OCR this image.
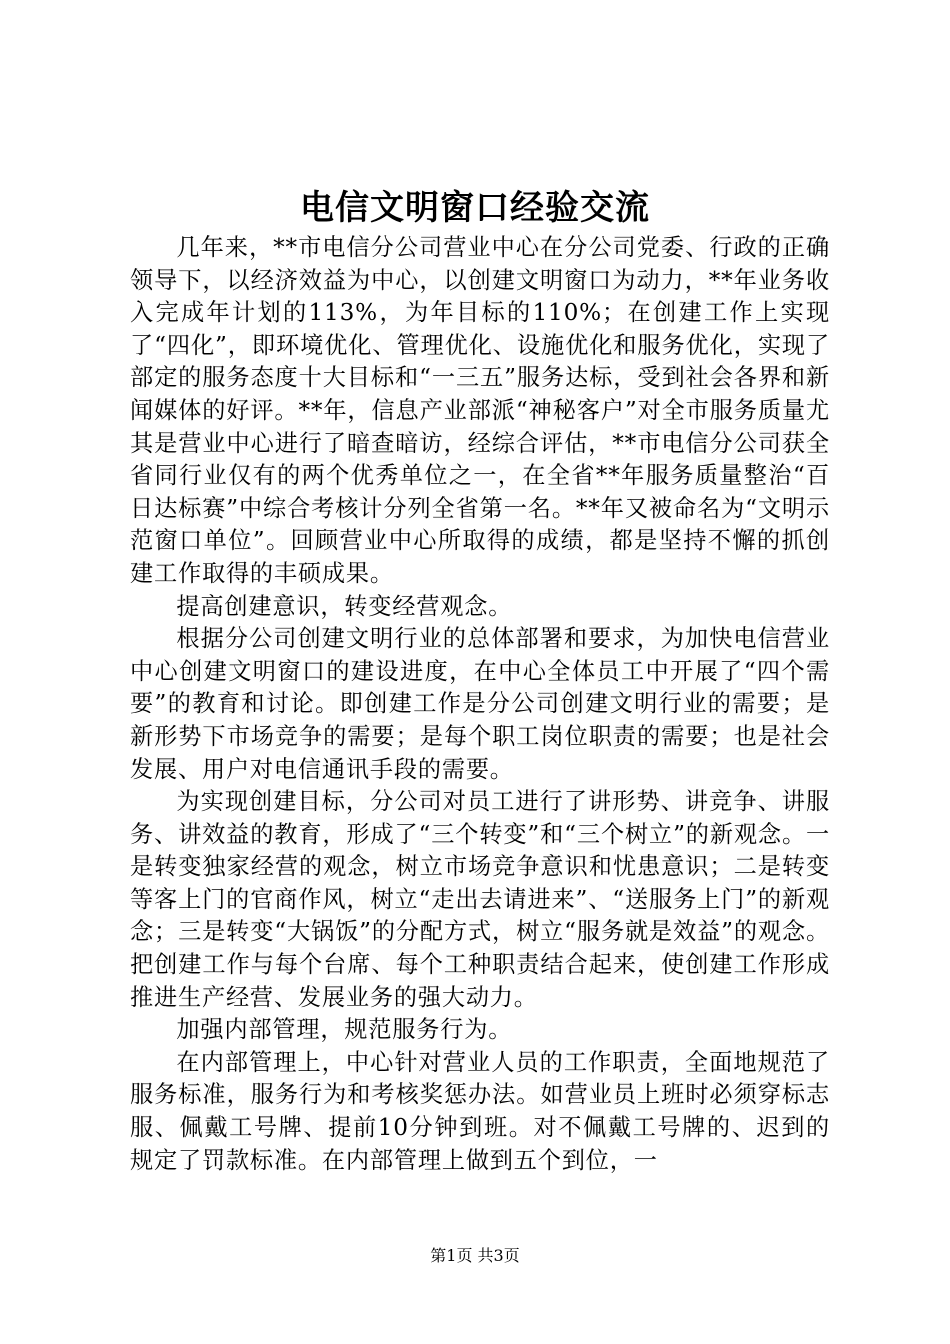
电信文明窗口经验交流

几年来，**市电信分公司营业中心在分公司党委、行政的正确领导下，以经济效益为中心，以创建文明窗口为动力，**年业务收入完成年计划的113%，为年目标的110%；在创建工作上实现了“四化”，即环境优化、管理优化、设施优化和服务优化，实现了部定的服务态度十大目标和“一三五”服务达标，受到社会各界和新闻媒体的好评。**年，信息产业部派“神秘客户”对全市服务质量尤其是营业中心进行了暗查暗访，经综合评估，**市电信分公司获全省同行业仅有的两个优秀单位之一，在全省**年服务质量整治“百日达标赛”中综合考核计分列全省第一名。**年又被命名为“文明示范窗口单位”。回顾营业中心所取得的成绩，都是坚持不懈的抓创建工作取得的丰硕成果。

提高创建意识，转变经营观念。

根据分公司创建文明行业的总体部署和要求，为加快电信营业中心创建文明窗口的建设进度，在中心全体员工中开展了“四个需要”的教育和讨论。即创建工作是分公司创建文明行业的需要；是新形势下市场竞争的需要；是每个职工岗位职责的需要；也是社会发展、用户对电信通讯手段的需要。

为实现创建目标，分公司对员工进行了讲形势、讲竞争、讲服务、讲效益的教育，形成了“三个转变”和“三个树立”的新观念。一是转变独家经营的观念，树立市场竞争意识和忧患意识；二是转变等客上门的官商作风，树立“走出去请进来”、“送服务上门”的新观念；三是转变“大锅饭”的分配方式，树立“服务就是效益”的观念。把创建工作与每个台席、每个工种职责结合起来，使创建工作形成推进生产经营、发展业务的强大动力。

加强内部管理，规范服务行为。

在内部管理上，中心针对营业人员的工作职责，全面地规范了服务标准，服务行为和考核奖惩办法。如营业员上班时必须穿标志服、佩戴工号牌、提前10分钟到班。对不佩戴工号牌的、迟到的规定了罚款标准。在内部管理上做到五个到位，一

第1页 共3页
